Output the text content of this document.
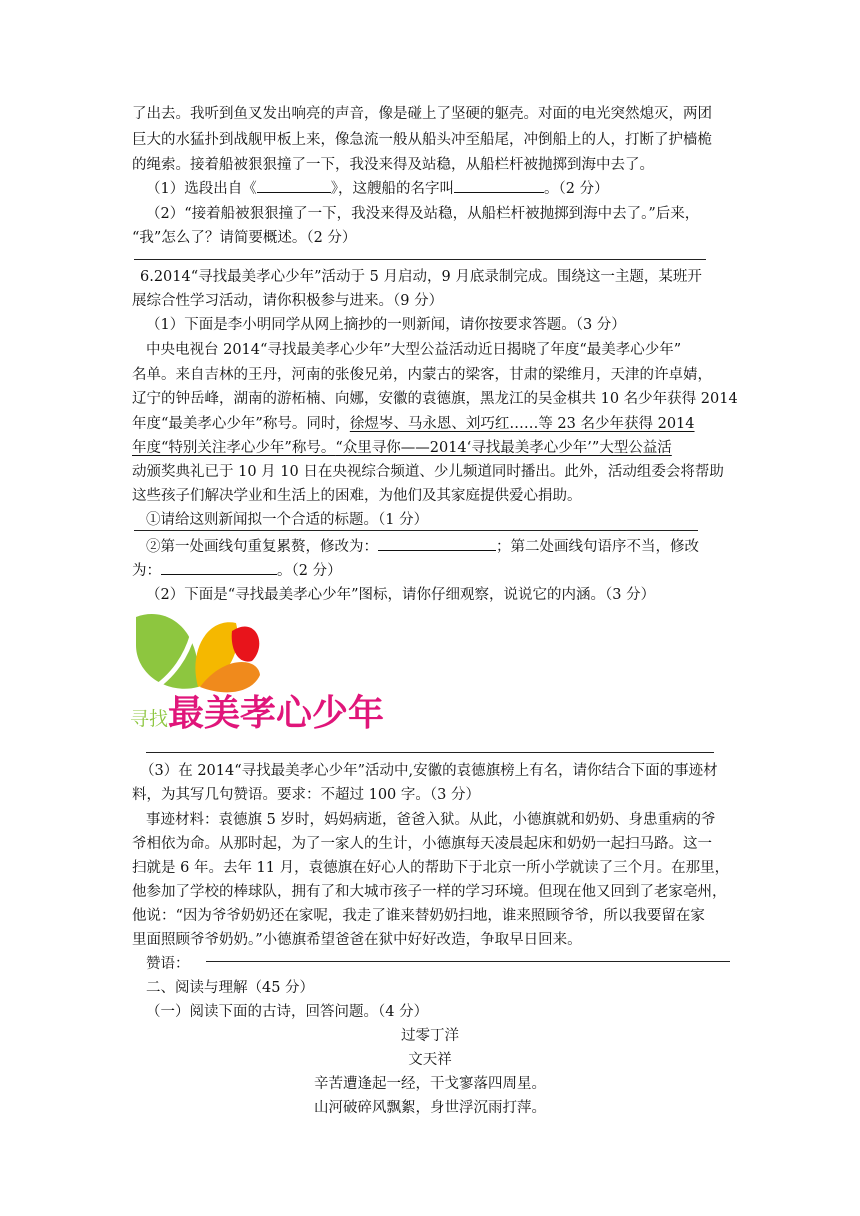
了出去。我听到鱼叉发出响亮的声音，像是碰上了坚硬的躯壳。对面的电光突然熄灭，两团
巨大的水猛扑到战舰甲板上来，像急流一般从船头冲至船尾，冲倒船上的人，打断了护樯桅
的绳索。接着船被狠狠撞了一下，我没来得及站稳，从船栏杆被抛掷到海中去了。
（1）选段出自《	》，这艘船的名字叫	。（2 分）
（2）“接着船被狠狠撞了一下，我没来得及站稳，从船栏杆被抛掷到海中去了。”后来，
“我”怎么了？请简要概述。（2 分）
6.2014“寻找最美孝心少年”活动于 5 月启动，9 月底录制完成。围绕这一主题，某班开
展综合性学习活动，请你积极参与进来。（9 分）
（1）下面是李小明同学从网上摘抄的一则新闻，请你按要求答题。（3 分）
中央电视台 2014“寻找最美孝心少年”大型公益活动近日揭晓了年度“最美孝心少年”
名单。来自吉林的王丹，河南的张俊兄弟，内蒙古的梁客，甘肃的梁维月，天津的许卓婧，
辽宁的钟岳峰，湖南的游柘楠、向娜，安徽的袁德旗，黑龙江的吴金棋共 10 名少年获得 2014
年度“最美孝心少年”称号。同时，徐煜岑、马永恩、刘巧红……等 23 名少年获得 2014
年度“特别关注孝心少年”称号。“众里寻你——2014‘寻找最美孝心少年’”大型公益活
动颁奖典礼已于 10 月 10 日在央视综合频道、少儿频道同时播出。此外，活动组委会将帮助
这些孩子们解决学业和生活上的困难，为他们及其家庭提供爱心捐助。
①请给这则新闻拟一个合适的标题。（1 分）
②第一处画线句重复累赘，修改为：	；第二处画线句语序不当，修改
为：	。（2 分）
（2）下面是“寻找最美孝心少年”图标，请你仔细观察，说说它的内涵。（3 分）
寻找 最美孝心少年
（3）在 2014“寻找最美孝心少年”活动中,安徽的袁德旗榜上有名，请你结合下面的事迹材
料，为其写几句赞语。要求：不超过 100 字。（3 分）
事迹材料：袁德旗 5 岁时，妈妈病逝，爸爸入狱。从此，小德旗就和奶奶、身患重病的爷
爷相依为命。从那时起，为了一家人的生计，小德旗每天凌晨起床和奶奶一起扫马路。这一
扫就是 6 年。去年 11 月，袁德旗在好心人的帮助下于北京一所小学就读了三个月。在那里，
他参加了学校的棒球队，拥有了和大城市孩子一样的学习环境。但现在他又回到了老家亳州，
他说：“因为爷爷奶奶还在家呢，我走了谁来替奶奶扫地，谁来照顾爷爷，所以我要留在家
里面照顾爷爷奶奶。”小德旗希望爸爸在狱中好好改造，争取早日回来。
赞语：
二、阅读与理解（45 分）
（一）阅读下面的古诗，回答问题。（4 分）
过零丁洋
文天祥
辛苦遭逢起一经，干戈寥落四周星。
山河破碎风飘絮，身世浮沉雨打萍。
